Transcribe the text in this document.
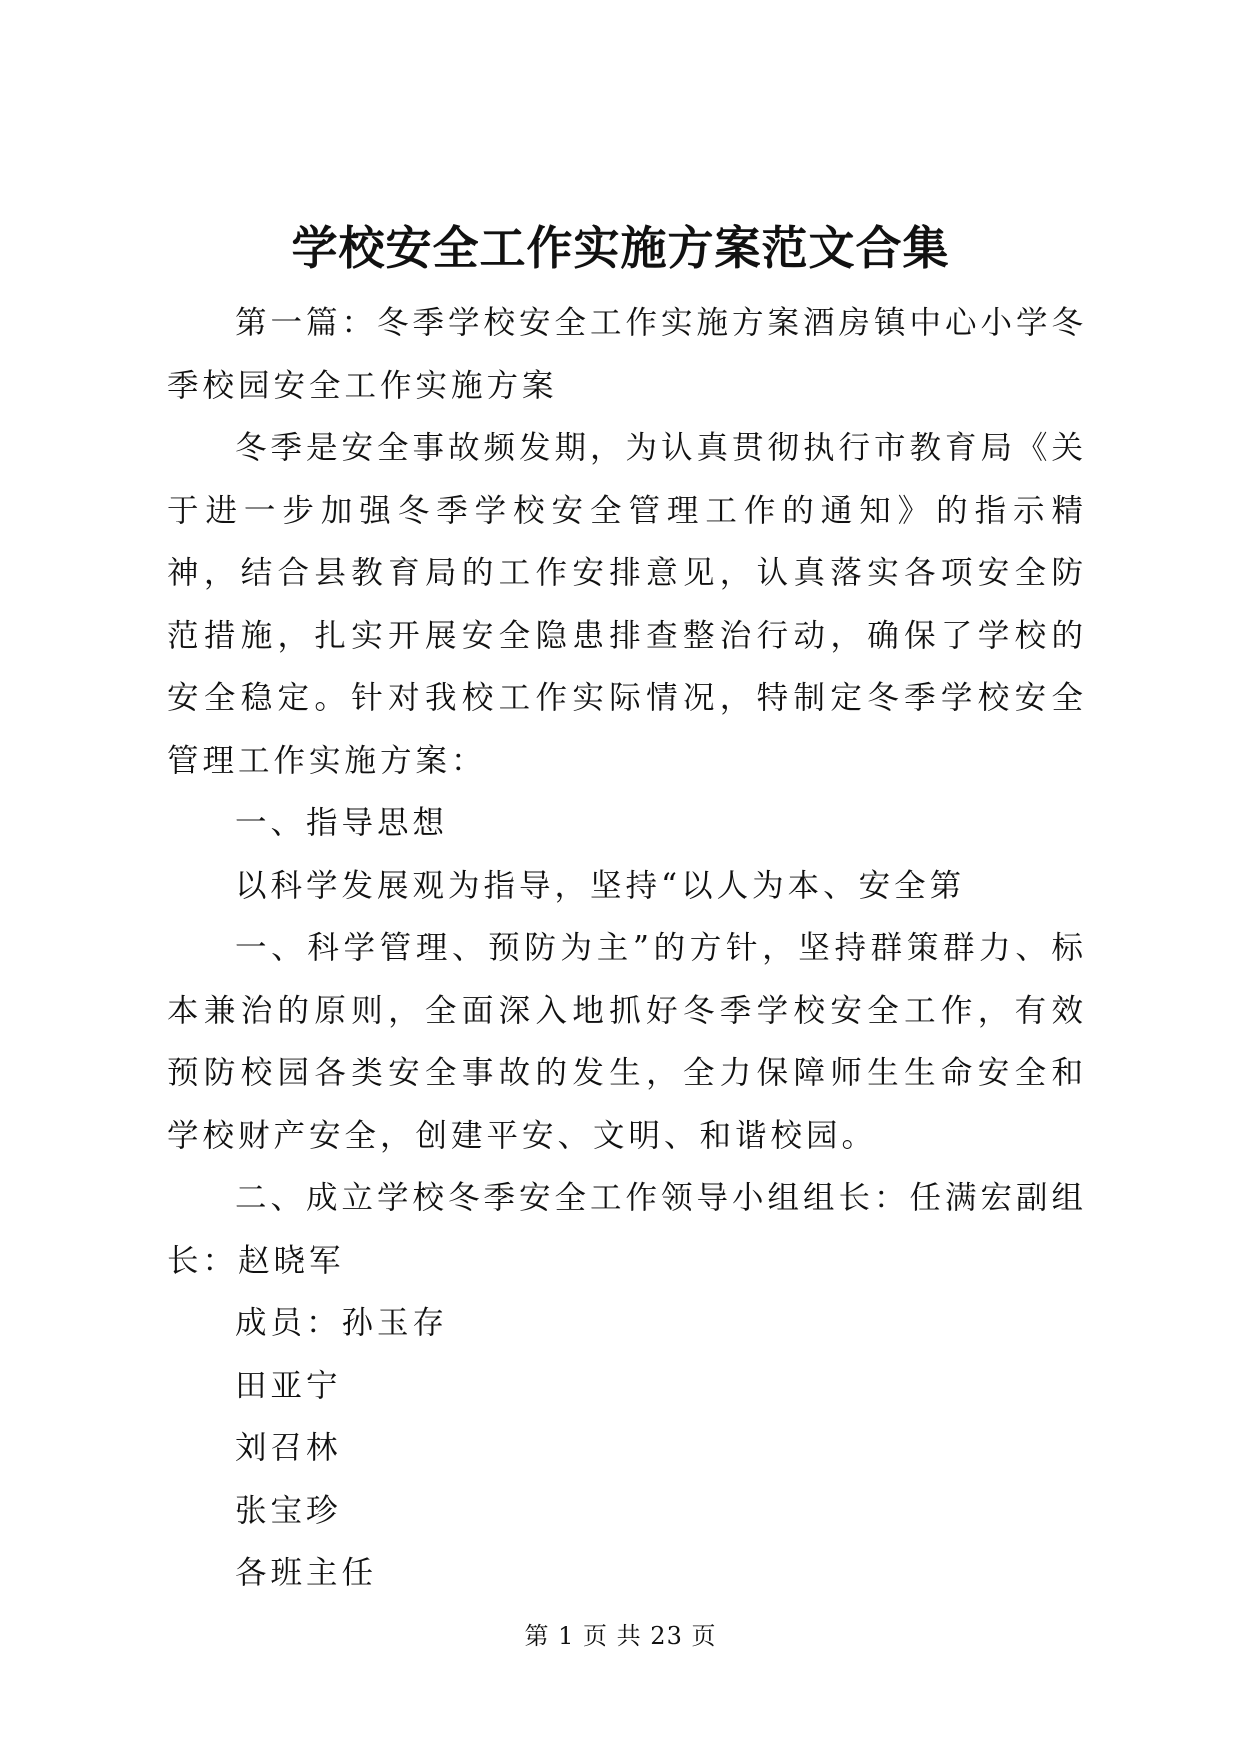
学校安全工作实施方案范文合集

第一篇：冬季学校安全工作实施方案酒房镇中心小学冬季校园安全工作实施方案

冬季是安全事故频发期，为认真贯彻执行市教育局《关于进一步加强冬季学校安全管理工作的通知》的指示精神，结合县教育局的工作安排意见，认真落实各项安全防范措施，扎实开展安全隐患排查整治行动，确保了学校的安全稳定。针对我校工作实际情况，特制定冬季学校安全管理工作实施方案：

一、指导思想

以科学发展观为指导，坚持“以人为本、安全第

一、科学管理、预防为主”的方针，坚持群策群力、标本兼治的原则，全面深入地抓好冬季学校安全工作，有效预防校园各类安全事故的发生，全力保障师生生命安全和学校财产安全，创建平安、文明、和谐校园。

二、成立学校冬季安全工作领导小组组长：任满宏副组长：赵晓军

成员：孙玉存

田亚宁

刘召林

张宝珍

各班主任

第 1 页 共 23 页
